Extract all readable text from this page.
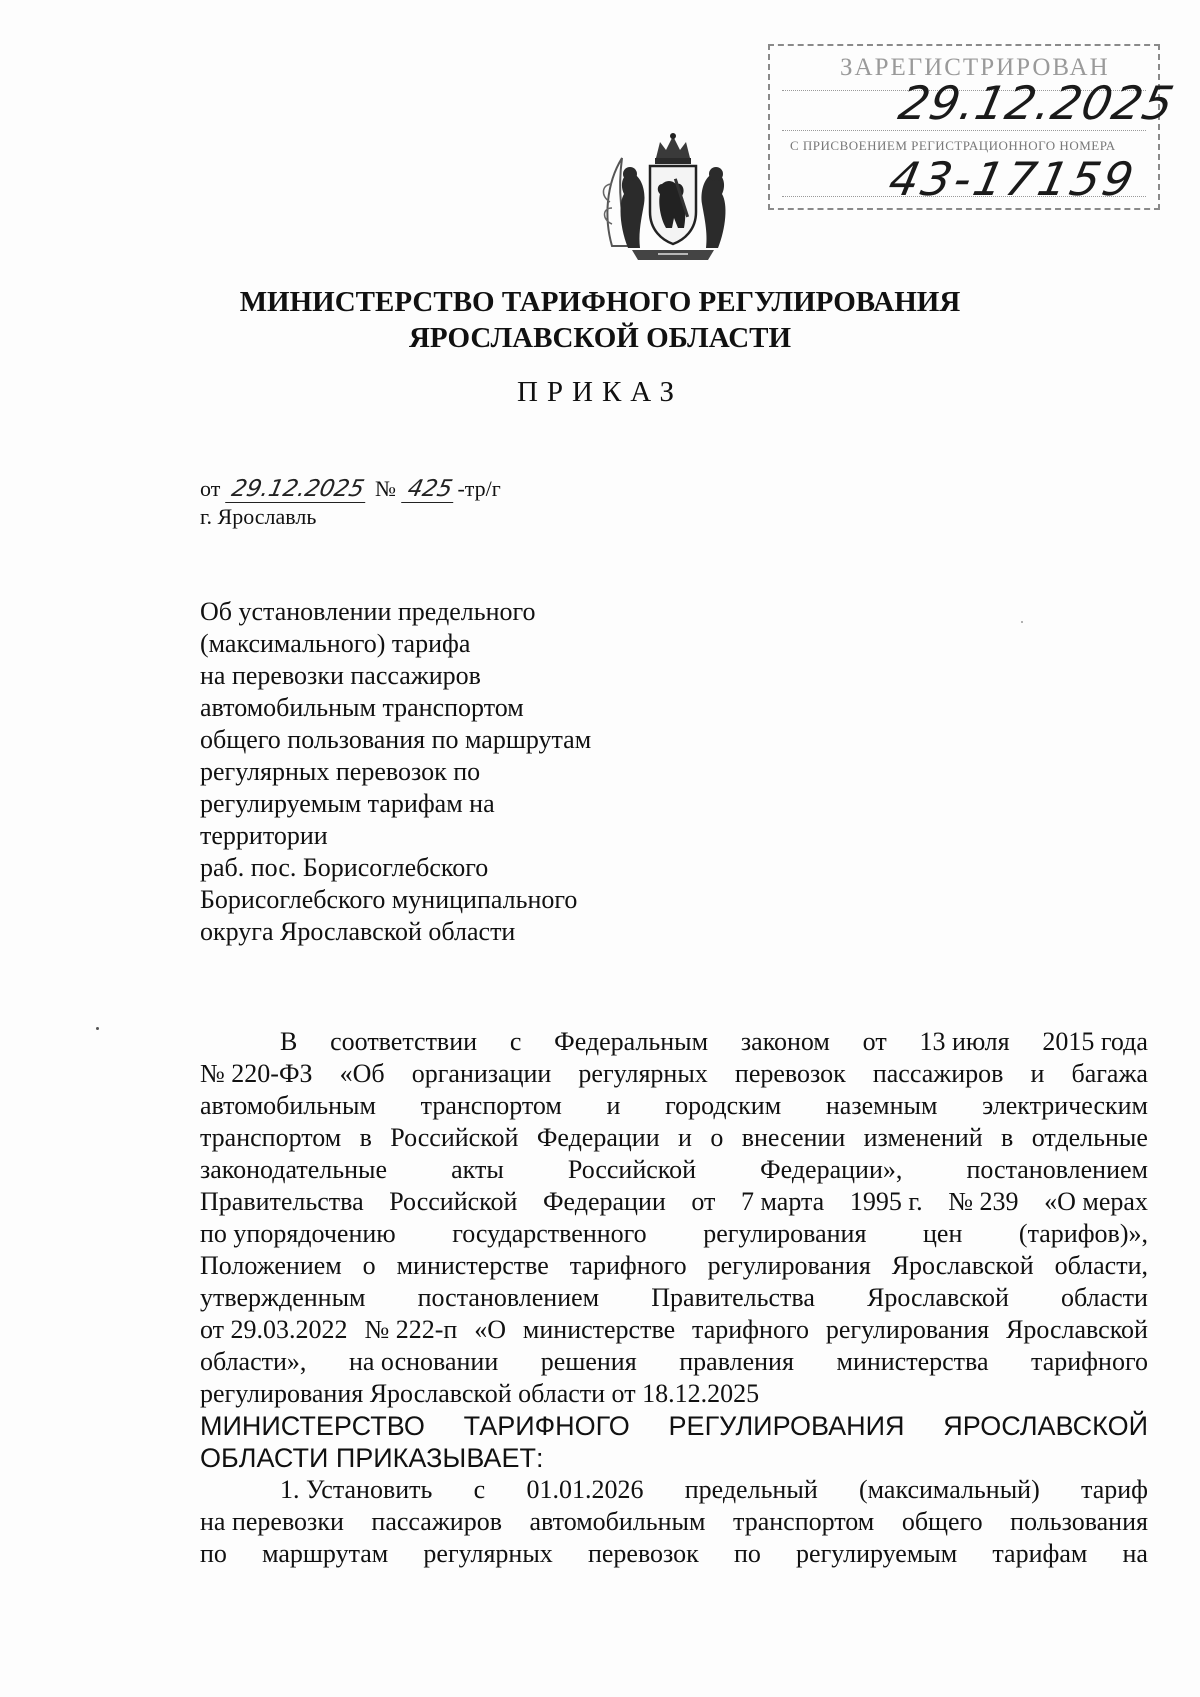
ЗАРЕГИСТРИРОВАН
29.12.2025
С ПРИСВОЕНИЕМ РЕГИСТРАЦИОННОГО НОМЕРА
43-17159
МИНИСТЕРСТВО ТАРИФНОГО РЕГУЛИРОВАНИЯ
ЯРОСЛАВСКОЙ ОБЛАСТИ
ПРИКАЗ
от 29.12.2025 № 425 -тр/г
г. Ярославль
Об установлении предельного
(максимального) тарифа
на перевозки пассажиров
автомобильным транспортом
общего пользования по маршрутам
регулярных перевозок по
регулируемым тарифам на
территории
раб. пос. Борисоглебского
Борисоглебского муниципального
округа Ярославской области
В соответствии с Федеральным законом от 13 июля 2015 года
№ 220-ФЗ «Об организации регулярных перевозок пассажиров и багажа
автомобильным транспортом и городским наземным электрическим
транспортом в Российской Федерации и о внесении изменений в отдельные
законодательные акты Российской Федерации», постановлением
Правительства Российской Федерации от 7 марта 1995 г. № 239 «О мерах
по упорядочению государственного регулирования цен (тарифов)»,
Положением о министерстве тарифного регулирования Ярославской области,
утвержденным постановлением Правительства Ярославской области
от 29.03.2022 № 222-п «О министерстве тарифного регулирования Ярославской
области», на основании решения правления министерства тарифного
регулирования Ярославской области от 18.12.2025
МИНИСТЕРСТВО ТАРИФНОГО РЕГУЛИРОВАНИЯ ЯРОСЛАВСКОЙ
ОБЛАСТИ ПРИКАЗЫВАЕТ:
1. Установить с 01.01.2026 предельный (максимальный) тариф
на перевозки пассажиров автомобильным транспортом общего пользования
по маршрутам регулярных перевозок по регулируемым тарифам на
